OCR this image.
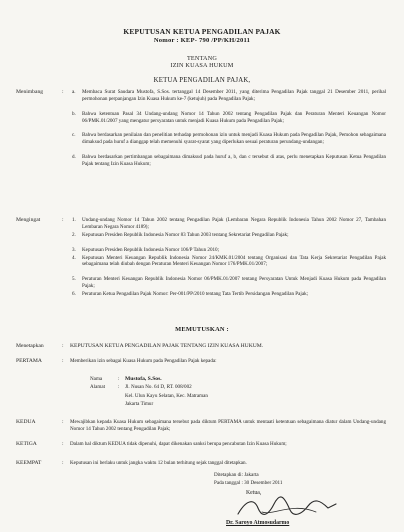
KEPUTUSAN KETUA PENGADILAN PAJAK
Nomor : KEP- 790 /PP/KH/2011
TENTANG
IZIN KUASA HUKUM
KETUA PENGADILAN PAJAK,
Menimbang	: a. Membaca Surat Saudara Mustofa, S.Sos. tertanggal 14 Desember 2011, yang diterima Pengadilan Pajak tanggal 21 Desember 2011, perihal permohonan perpanjangan Izin Kuasa Hukum ke-7 (ketujuh) pada Pengadilan Pajak;
b. Bahwa ketentuan Pasal 34 Undang-undang Nomor 14 Tahun 2002 tentang Pengadilan Pajak dan Peraturan Menteri Keuangan Nomor 06/PMK.01/2007 yang mengatur persyaratan untuk menjadi Kuasa Hukum pada Pengadilan Pajak;
c. Bahwa berdasarkan penilaian dan penelitian terhadap permohonan izin untuk menjadi Kuasa Hukum pada Pengadilan Pajak, Pemohon sebagaimana dimaksud pada huruf a dianggap telah memenuhi syarat-syarat yang diperlukan sesuai peraturan perundang-undangan;
d. Bahwa berdasarkan pertimbangan sebagaimana dimaksud pada huruf a, b, dan c tersebut di atas, perlu menetapkan Keputusan Ketua Pengadilan Pajak tentang Izin Kuasa Hukum;
Mengingat	: 1. Undang-undang Nomor 14 Tahun 2002 tentang Pengadilan Pajak (Lembaran Negara Republik Indonesia Tahun 2002 Nomor 27, Tambahan Lembaran Negara Nomor 4189);
2. Keputusan Presiden Republik Indonesia Nomor 83 Tahun 2003 tentang Sekretariat Pengadilan Pajak;
3. Keputusan Presiden Republik Indonesia Nomor 106/P Tahun 2010;
4. Keputusan Menteri Keuangan Republik Indonesia Nomor 24/KMK.01/2004 tentang Organisasi dan Tata Kerja Sekretariat Pengadilan Pajak sebagaimana telah diubah dengan Peraturan Menteri Keuangan Nomor 176/PMK.01/2007;
5. Peraturan Menteri Keuangan Republik Indonesia Nomor 06/PMK.01/2007 tentang Persyaratan Untuk Menjadi Kuasa Hukum pada Pengadilan Pajak;
6. Peraturan Ketua Pengadilan Pajak Nomor: Per-001/PP/2010 tentang Tata Tertib Persidangan Pengadilan Pajak;
MEMUTUSKAN :
Menetapkan	: KEPUTUSAN KETUA PENGADILAN PAJAK TENTANG IZIN KUASA HUKUM.
PERTAMA	: Memberikan izin sebagai Kuasa Hukum pada Pengadilan Pajak kepada:
Nama	: Mustofa, S.Sos.
Alamat	: Jl. Nusan No. 64 D, RT. 008/002
Kel. Ulun Kayu Selatan, Kec. Matraman
Jakarta Timur
KEDUA	: Mewajibkan kepada Kuasa Hukum sebagaimana tersebut pada diktum PERTAMA untuk mentaati ketentuan sebagaimana diatur dalam Undang-undang Nomor 14 Tahun 2002 tentang Pengadilan Pajak;
KETIGA	: Dalam hal diktum KEDUA tidak dipenuhi, dapat dikenakan sanksi berupa pencabutan Izin Kuasa Hukum;
KEEMPAT	: Keputusan ini berlaku untuk jangka waktu 12 bulan terhitung sejak tanggal ditetapkan.
Ditetapkan di: Jakarta
Pada tanggal : 30 Desember 2011
Ketua,
Dr. Saroyo Atmosudarmo
